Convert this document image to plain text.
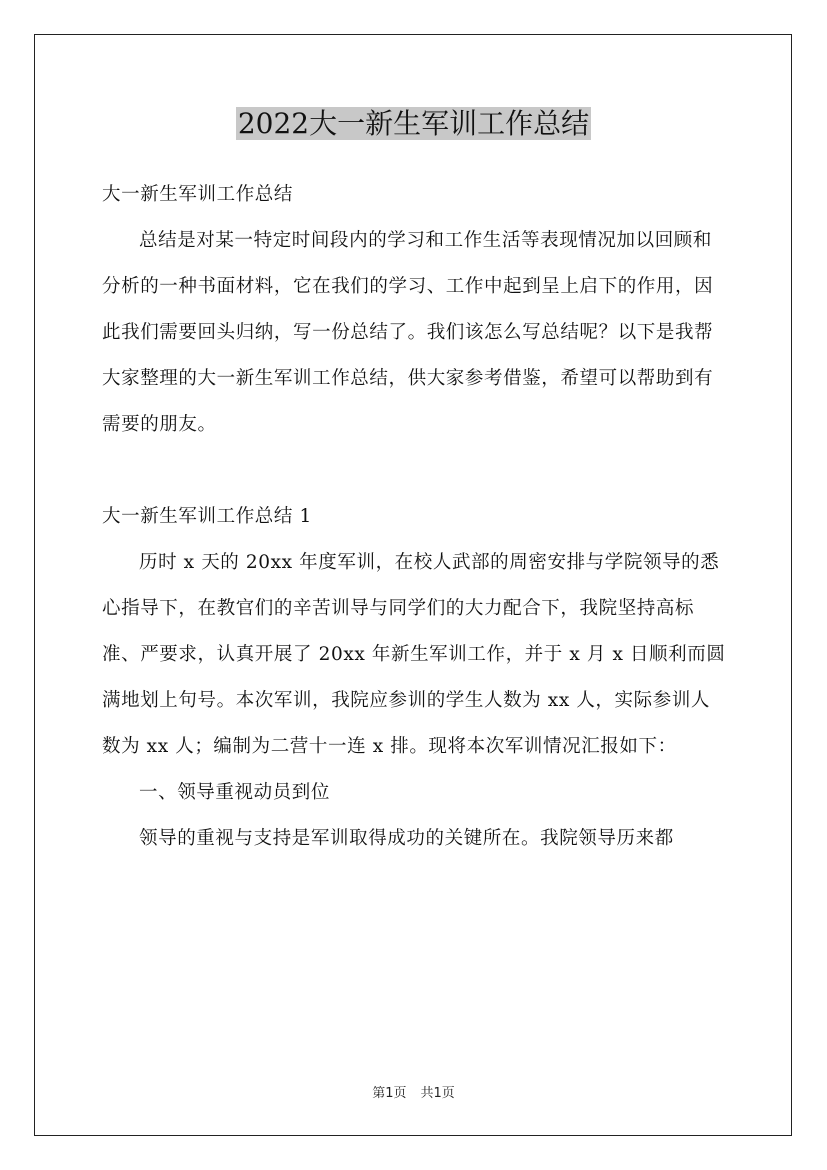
2022大一新生军训工作总结

大一新生军训工作总结

总结是对某一特定时间段内的学习和工作生活等表现情况加以回顾和分析的一种书面材料，它在我们的学习、工作中起到呈上启下的作用，因此我们需要回头归纳，写一份总结了。我们该怎么写总结呢？以下是我帮大家整理的大一新生军训工作总结，供大家参考借鉴，希望可以帮助到有需要的朋友。

大一新生军训工作总结 1

历时 x 天的 20xx 年度军训，在校人武部的周密安排与学院领导的悉心指导下，在教官们的辛苦训导与同学们的大力配合下，我院坚持高标准、严要求，认真开展了 20xx 年新生军训工作，并于 x 月 x 日顺利而圆满地划上句号。本次军训，我院应参训的学生人数为 xx 人，实际参训人数为 xx 人；编制为二营十一连 x 排。现将本次军训情况汇报如下：

一、领导重视动员到位

领导的重视与支持是军训取得成功的关键所在。我院领导历来都

第1页 共1页
